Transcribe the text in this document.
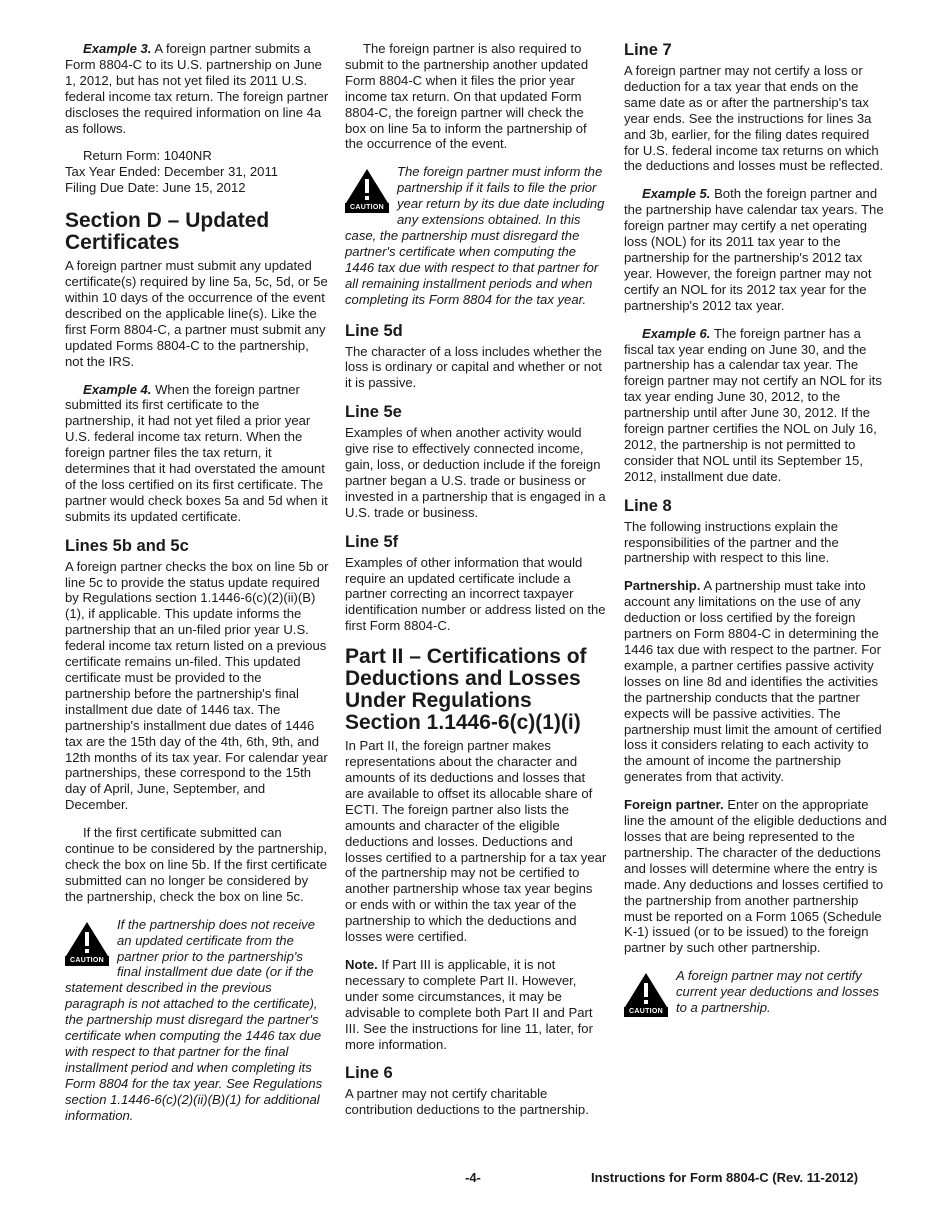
Example 3. A foreign partner submits a Form 8804-C to its U.S. partnership on June 1, 2012, but has not yet filed its 2011 U.S. federal income tax return. The foreign partner discloses the required information on line 4a as follows.

Return Form: 1040NR
Tax Year Ended: December 31, 2011
Filing Due Date: June 15, 2012
Section D – Updated Certificates

A foreign partner must submit any updated certificate(s) required by line 5a, 5c, 5d, or 5e within 10 days of the occurrence of the event described on the applicable line(s). Like the first Form 8804-C, a partner must submit any updated Forms 8804-C to the partnership, not the IRS.

Example 4. When the foreign partner submitted its first certificate to the partnership, it had not yet filed a prior year U.S. federal income tax return. When the foreign partner files the tax return, it determines that it had overstated the amount of the loss certified on its first certificate. The partner would check boxes 5a and 5d when it submits its updated certificate.

Lines 5b and 5c

A foreign partner checks the box on line 5b or line 5c to provide the status update required by Regulations section 1.1446-6(c)(2)(ii)(B)(1), if applicable. This update informs the partnership that an un-filed prior year U.S. federal income tax return listed on a previous certificate remains un-filed. This updated certificate must be provided to the partnership before the partnership's final installment due date of 1446 tax. The partnership's installment due dates of 1446 tax are the 15th day of the 4th, 6th, 9th, and 12th months of its tax year. For calendar year partnerships, these correspond to the 15th day of April, June, September, and December.

If the first certificate submitted can continue to be considered by the partnership, check the box on line 5b. If the first certificate submitted can no longer be considered by the partnership, check the box on line 5c.

CAUTION
If the partnership does not receive an updated certificate from the partner prior to the partnership's final installment due date (or if the statement described in the previous paragraph is not attached to the certificate), the partnership must disregard the partner's certificate when computing the 1446 tax due with respect to that partner for the final installment period and when completing its Form 8804 for the tax year. See Regulations section 1.1446-6(c)(2)(ii)(B)(1) for additional information.

The foreign partner is also required to submit to the partnership another updated Form 8804-C when it files the prior year income tax return. On that updated Form 8804-C, the foreign partner will check the box on line 5a to inform the partnership of the occurrence of the event.

CAUTION
The foreign partner must inform the partnership if it fails to file the prior year return by its due date including any extensions obtained. In this case, the partnership must disregard the partner's certificate when computing the 1446 tax due with respect to that partner for all remaining installment periods and when completing its Form 8804 for the tax year.
Line 5d

The character of a loss includes whether the loss is ordinary or capital and whether or not it is passive.

Line 5e

Examples of when another activity would give rise to effectively connected income, gain, loss, or deduction include if the foreign partner began a U.S. trade or business or invested in a partnership that is engaged in a U.S. trade or business.

Line 5f

Examples of other information that would require an updated certificate include a partner correcting an incorrect taxpayer identification number or address listed on the first Form 8804-C.

Part II – Certifications of Deductions and Losses Under Regulations Section 1.1446-6(c)(1)(i)

In Part II, the foreign partner makes representations about the character and amounts of its deductions and losses that are available to offset its allocable share of ECTI. The foreign partner also lists the amounts and character of the eligible deductions and losses. Deductions and losses certified to a partnership for a tax year of the partnership may not be certified to another partnership whose tax year begins or ends with or within the tax year of the partnership to which the deductions and losses were certified.

Note. If Part III is applicable, it is not necessary to complete Part II. However, under some circumstances, it may be advisable to complete both Part II and Part III. See the instructions for line 11, later, for more information.

Line 6

A partner may not certify charitable contribution deductions to the partnership.

Line 7

A foreign partner may not certify a loss or deduction for a tax year that ends on the same date as or after the partnership's tax year ends. See the instructions for lines 3a and 3b, earlier, for the filing dates required for U.S. federal income tax returns on which the deductions and losses must be reflected.

Example 5. Both the foreign partner and the partnership have calendar tax years. The foreign partner may certify a net operating loss (NOL) for its 2011 tax year to the partnership for the partnership's 2012 tax year. However, the foreign partner may not certify an NOL for its 2012 tax year for the partnership's 2012 tax year.

Example 6. The foreign partner has a fiscal tax year ending on June 30, and the partnership has a calendar tax year. The foreign partner may not certify an NOL for its tax year ending June 30, 2012, to the partnership until after June 30, 2012. If the foreign partner certifies the NOL on July 16, 2012, the partnership is not permitted to consider that NOL until its September 15, 2012, installment due date.

Line 8

The following instructions explain the responsibilities of the partner and the partnership with respect to this line.

Partnership. A partnership must take into account any limitations on the use of any deduction or loss certified by the foreign partners on Form 8804-C in determining the 1446 tax due with respect to the partner. For example, a partner certifies passive activity losses on line 8d and identifies the activities the partnership conducts that the partner expects will be passive activities. The partnership must limit the amount of certified loss it considers relating to each activity to the amount of income the partnership generates from that activity.

Foreign partner. Enter on the appropriate line the amount of the eligible deductions and losses that are being represented to the partnership. The character of the deductions and losses will determine where the entry is made. Any deductions and losses certified to the partnership from another partnership must be reported on a Form 1065 (Schedule K-1) issued (or to be issued) to the foreign partner by such other partnership.

CAUTION
A foreign partner may not certify current year deductions and losses to a partnership.
-4-	Instructions for Form 8804-C (Rev. 11-2012)
